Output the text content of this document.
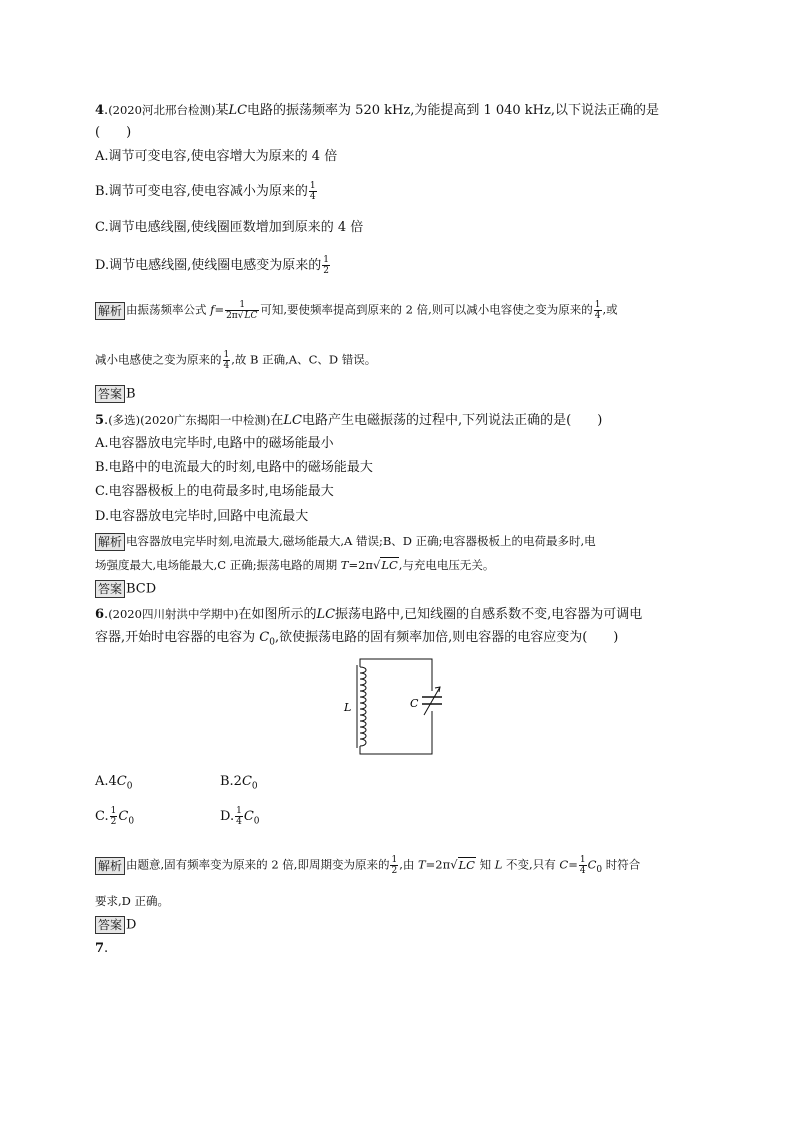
4.(2020河北邢台检测)某LC电路的振荡频率为 520 kHz,为能提高到 1 040 kHz,以下说法正确的是
(　　)
A.调节可变电容,使电容增大为原来的 4 倍
B.调节可变电容,使电容减小为原来的 $\frac{1}{4}$
C.调节电感线圈,使线圈匝数增加到原来的 4 倍
D.调节电感线圈,使线圈电感变为原来的 $\frac{1}{2}$
解析 由振荡频率公式 $f= \frac{1}{2\pi√LC}$ 可知,要使频率提高到原来的 2 倍,则可以减小电容使之变为原来的 $\frac{1}{4}$ ,或
减小电感使之变为原来的 $\frac{1}{4}$ ,故 B 正确,A、C、D 错误。
答案 B
5.(多选)(2020广东揭阳一中检测)在LC电路产生电磁振荡的过程中,下列说法正确的是(　　)
A.电容器放电完毕时,电路中的磁场能最小
B.电路中的电流最大的时刻,电路中的磁场能最大
C.电容器极板上的电荷最多时,电场能最大
D.电容器放电完毕时,回路中电流最大
解析 电容器放电完毕时刻,电流最大,磁场能最大,A 错误;B、D 正确;电容器极板上的电荷最多时,电
场强度最大,电场能最大,C 正确;振荡电路的周期 T=2π√LC,与充电电压无关。
答案 BCD
6.(2020四川射洪中学期中)在如图所示的LC振荡电路中,已知线圈的自感系数不变,电容器为可调电
容器,开始时电容器的电容为 $C_0$,欲使振荡电路的固有频率加倍,则电容器的电容应变为(　　)
L	C
$A.4C_0$	$B.2C_0$
C. $\frac{1}{2} C_0$	D. $\frac{1}{4} C_0$
解析 由题意,固有频率变为原来的 2 倍,即周期变为原来的 $\frac{1}{2}$ ,由 T=2π√LC 知 L 不变,只有 $C= \frac{1}{4} C_0$ 时符合
要求,D 正确。
答案 D
7.
